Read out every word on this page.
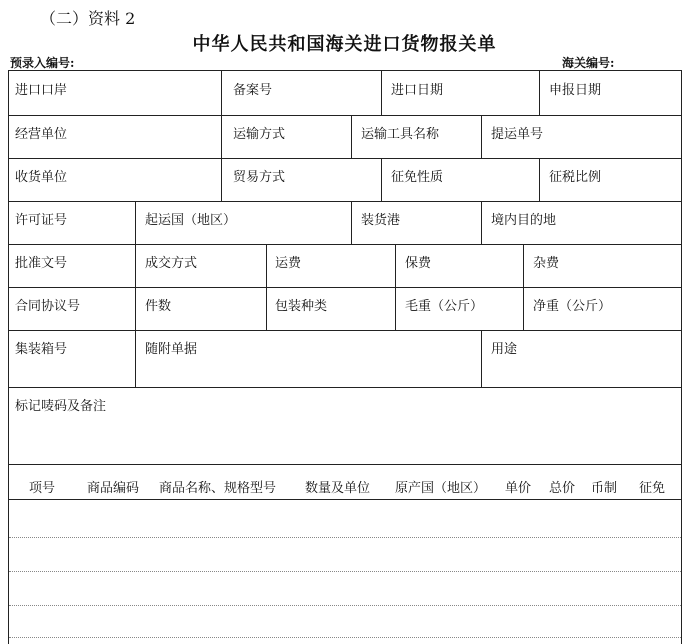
（二）资料 2
中华人民共和国海关进口货物报关单
预录入编号:	海关编号:
进口口岸	备案号	进口日期	申报日期
经营单位	运输方式	运输工具名称	提运单号
收货单位	贸易方式	征免性质	征税比例
许可证号	起运国（地区）	装货港	境内目的地
批准文号	成交方式	运费	保费	杂费
合同协议号	件数	包装种类	毛重（公斤）	净重（公斤）
集装箱号	随附单据	用途
标记唛码及备注
项号 商品编码 商品名称、规格型号 数量及单位 原产国（地区） 单价 总价 币制 征免
